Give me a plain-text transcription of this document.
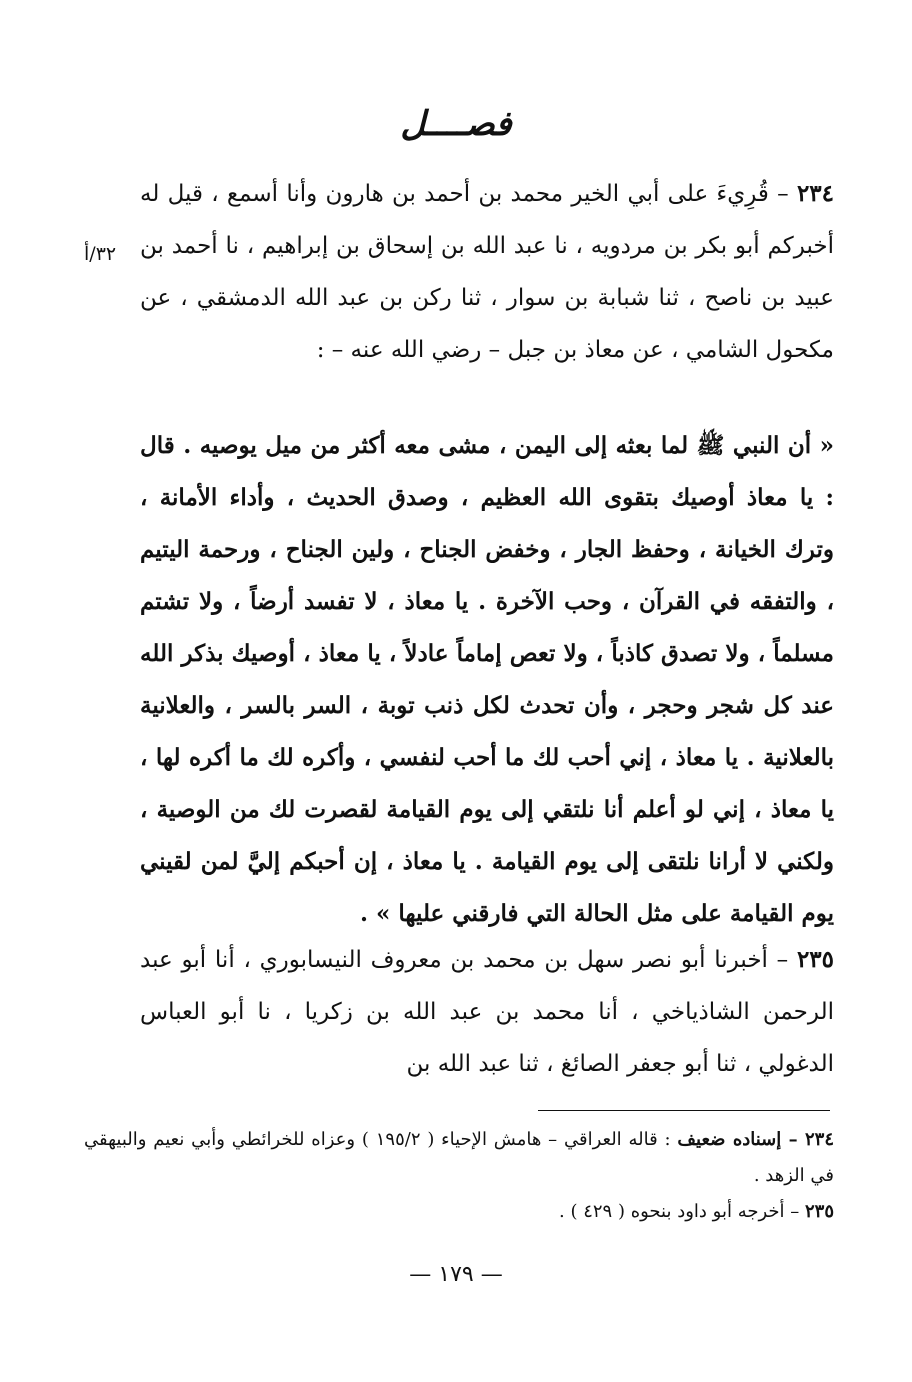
فصــــل
٣٢/أ
٢٣٤ – قُرِيءَ على أبي الخير محمد بن أحمد بن هارون وأنا أسمع ، قيل له أخبركم أبو بكر بن مردويه ، نا عبد الله بن إسحاق بن إبراهيم ، نا أحمد بن عبيد بن ناصح ، ثنا شبابة بن سوار ، ثنا ركن بن عبد الله الدمشقي ، عن مكحول الشامي ، عن معاذ بن جبل – رضي الله عنه – :
« أن النبي ﷺ لما بعثه إلى اليمن ، مشى معه أكثر من ميل يوصيه . قال : يا معاذ أوصيك بتقوى الله العظيم ، وصدق الحديث ، وأداء الأمانة ، وترك الخيانة ، وحفظ الجار ، وخفض الجناح ، ولين الجناح ، ورحمة اليتيم ، والتفقه في القرآن ، وحب الآخرة . يا معاذ ، لا تفسد أرضاً ، ولا تشتم مسلماً ، ولا تصدق كاذباً ، ولا تعص إماماً عادلاً ، يا معاذ ، أوصيك بذكر الله عند كل شجر وحجر ، وأن تحدث لكل ذنب توبة ، السر بالسر ، والعلانية بالعلانية . يا معاذ ، إني أحب لك ما أحب لنفسي ، وأكره لك ما أكره لها ، يا معاذ ، إني لو أعلم أنا نلتقي إلى يوم القيامة لقصرت لك من الوصية ، ولكني لا أرانا نلتقى إلى يوم القيامة . يا معاذ ، إن أحبكم إليَّ لمن لقيني يوم القيامة على مثل الحالة التي فارقني عليها » .
٢٣٥ – أخبرنا أبو نصر سهل بن محمد بن معروف النيسابوري ، أنا أبو عبد الرحمن الشاذياخي ، أنا محمد بن عبد الله بن زكريا ، نا أبو العباس الدغولي ، ثنا أبو جعفر الصائغ ، ثنا عبد الله بن

٢٣٤ – إسناده ضعيف : قاله العراقي – هامش الإحياء ( ١٩٥/٢ ) وعزاه للخرائطي وأبي نعيم والبيهقي في الزهد .

٢٣٥ – أخرجه أبو داود بنحوه ( ٤٢٩ ) .

— ١٧٩ —
